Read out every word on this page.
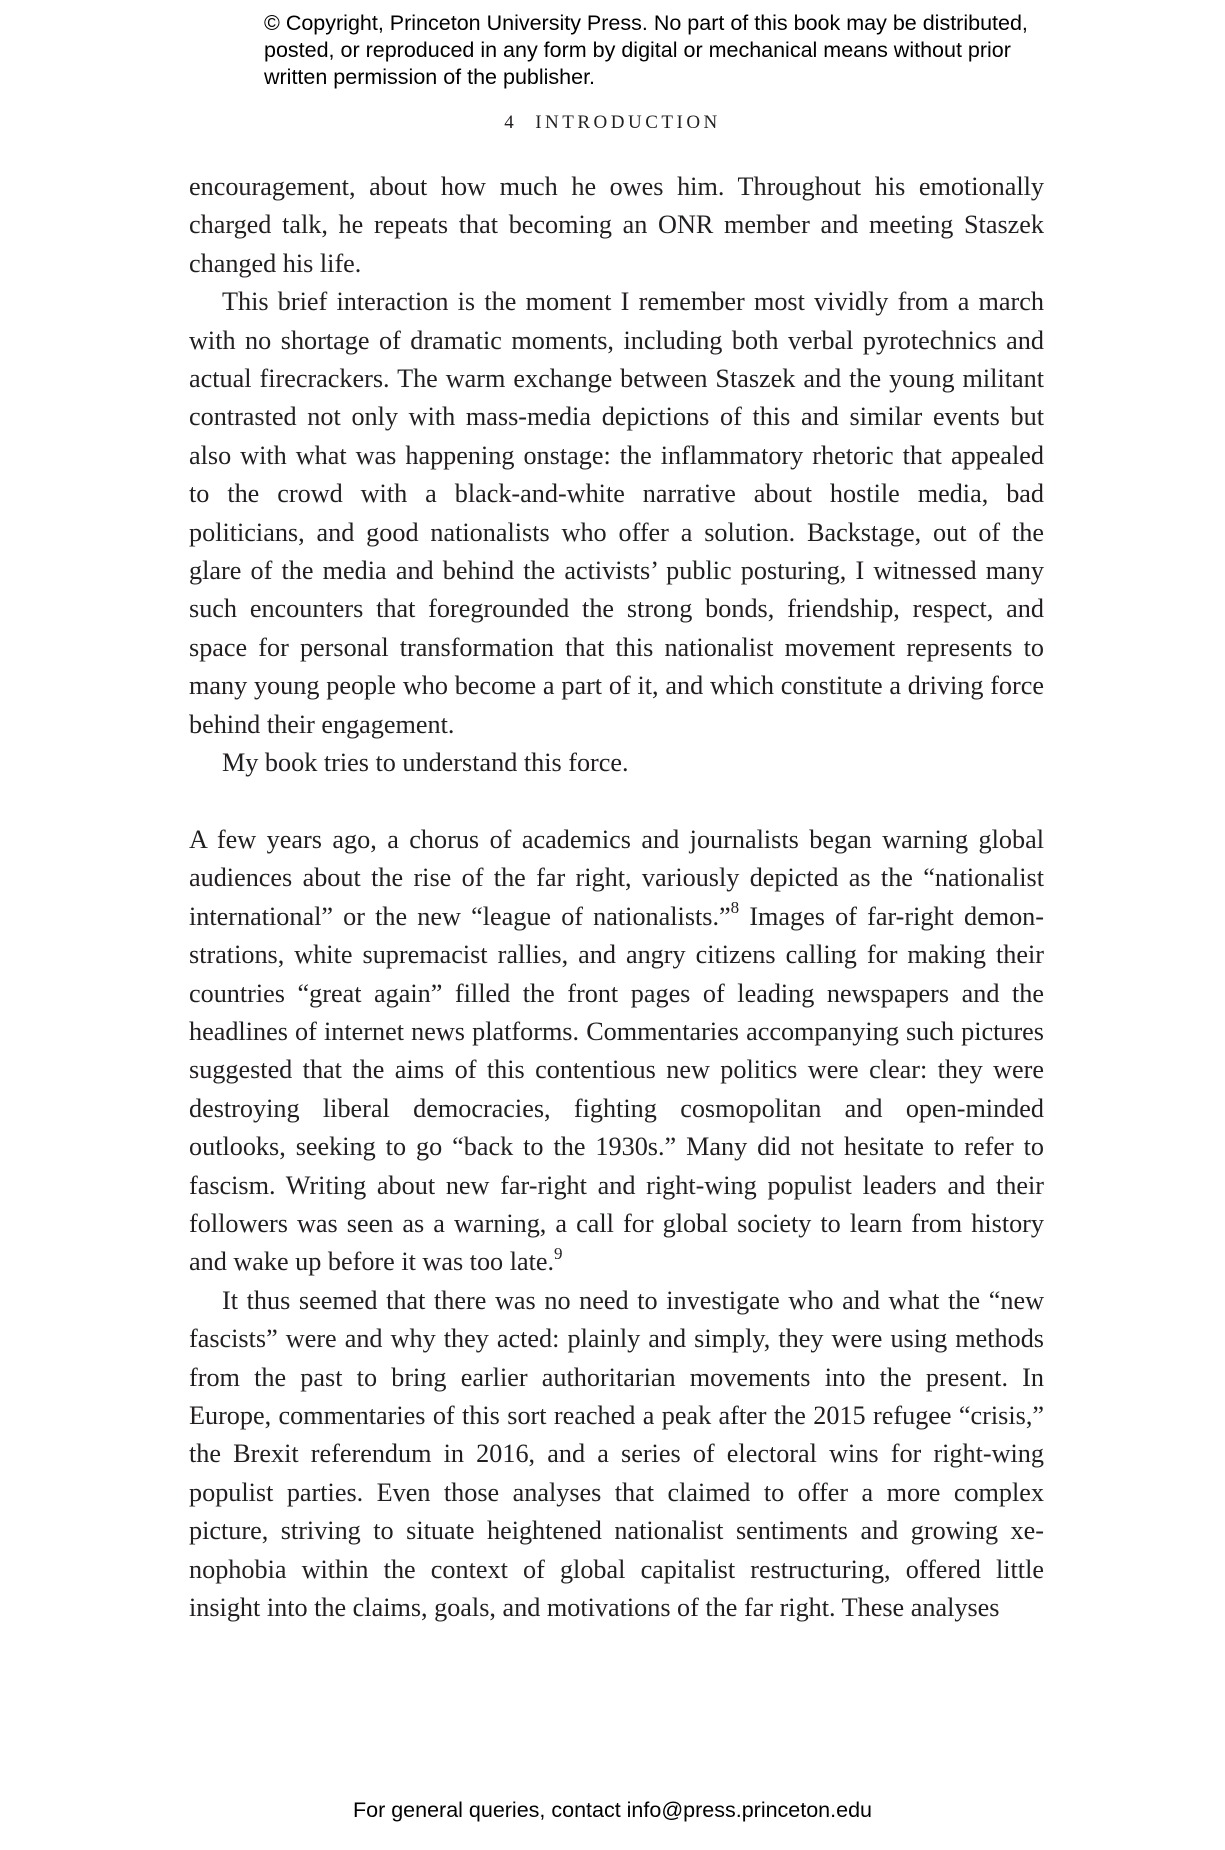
© Copyright, Princeton University Press. No part of this book may be distributed, posted, or reproduced in any form by digital or mechanical means without prior written permission of the publisher.

4 INTRODUCTION

encouragement, about how much he owes him. Throughout his emotionally charged talk, he repeats that becoming an ONR member and meeting Staszek changed his life.

This brief interaction is the moment I remember most vividly from a march with no shortage of dramatic moments, including both verbal pyrotechnics and actual firecrackers. The warm exchange between Staszek and the young militant contrasted not only with mass-media depictions of this and similar events but also with what was happening onstage: the inflammatory rhetoric that appealed to the crowd with a black-and-white narrative about hostile media, bad politicians, and good nationalists who offer a solution. Backstage, out of the glare of the media and behind the activists’ public posturing, I witnessed many such encounters that foregrounded the strong bonds, friendship, respect, and space for personal transformation that this nationalist movement represents to many young people who become a part of it, and which constitute a driving force behind their engagement.

My book tries to understand this force.

A few years ago, a chorus of academics and journalists began warning global audiences about the rise of the far right, variously depicted as the “nationalist international” or the new “league of nationalists.”$^8$ Images of far-right demonstrations, white supremacist rallies, and angry citizens calling for making their countries “great again” filled the front pages of leading newspapers and the headlines of internet news platforms. Commentaries accompanying such pictures suggested that the aims of this contentious new politics were clear: they were destroying liberal democracies, fighting cosmopolitan and open-minded outlooks, seeking to go “back to the 1930s.” Many did not hesitate to refer to fascism. Writing about new far-right and right-wing populist leaders and their followers was seen as a warning, a call for global society to learn from history and wake up before it was too late.$^9$

It thus seemed that there was no need to investigate who and what the “new fascists” were and why they acted: plainly and simply, they were using methods from the past to bring earlier authoritarian movements into the present. In Europe, commentaries of this sort reached a peak after the 2015 refugee “crisis,” the Brexit referendum in 2016, and a series of electoral wins for right-wing populist parties. Even those analyses that claimed to offer a more complex picture, striving to situate heightened nationalist sentiments and growing xenophobia within the context of global capitalist restructuring, offered little insight into the claims, goals, and motivations of the far right. These analyses

For general queries, contact info@press.princeton.edu
